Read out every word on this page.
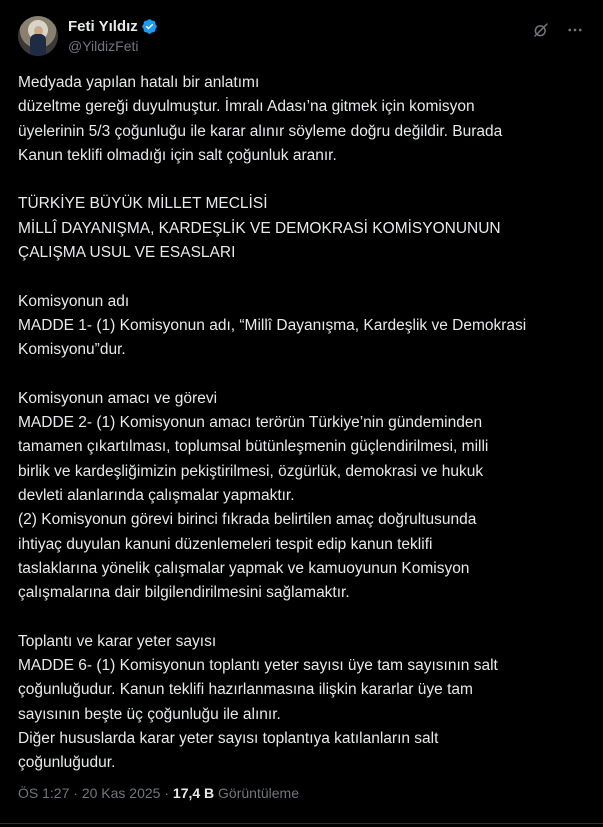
Feti Yıldız
@YildizFeti
Medyada yapılan hatalı bir anlatımı
düzeltme gereği duyulmuştur. İmralı Adası’na gitmek için komisyon
üyelerinin 5/3 çoğunluğu ile karar alınır söyleme doğru değildir. Burada
Kanun teklifi olmadığı için salt çoğunluk aranır.
TÜRKİYE BÜYÜK MİLLET MECLİSİ
MİLLÎ DAYANIŞMA, KARDEŞLİK VE DEMOKRASİ KOMİSYONUNUN
ÇALIŞMA USUL VE ESASLARI
Komisyonun adı
MADDE 1- (1) Komisyonun adı, “Millî Dayanışma, Kardeşlik ve Demokrasi
Komisyonu”dur.
Komisyonun amacı ve görevi
MADDE 2- (1) Komisyonun amacı terörün Türkiye’nin gündeminden
tamamen çıkartılması, toplumsal bütünleşmenin güçlendirilmesi, milli
birlik ve kardeşliğimizin pekiştirilmesi, özgürlük, demokrasi ve hukuk
devleti alanlarında çalışmalar yapmaktır.
(2) Komisyonun görevi birinci fıkrada belirtilen amaç doğrultusunda
ihtiyaç duyulan kanuni düzenlemeleri tespit edip kanun teklifi
taslaklarına yönelik çalışmalar yapmak ve kamuoyunun Komisyon
çalışmalarına dair bilgilendirilmesini sağlamaktır.
Toplantı ve karar yeter sayısı
MADDE 6- (1) Komisyonun toplantı yeter sayısı üye tam sayısının salt
çoğunluğudur. Kanun teklifi hazırlanmasına ilişkin kararlar üye tam
sayısının beşte üç çoğunluğu ile alınır.
Diğer hususlarda karar yeter sayısı toplantıya katılanların salt
çoğunluğudur.
ÖS 1:27 · 20 Kas 2025 · 17,4 B Görüntüleme
